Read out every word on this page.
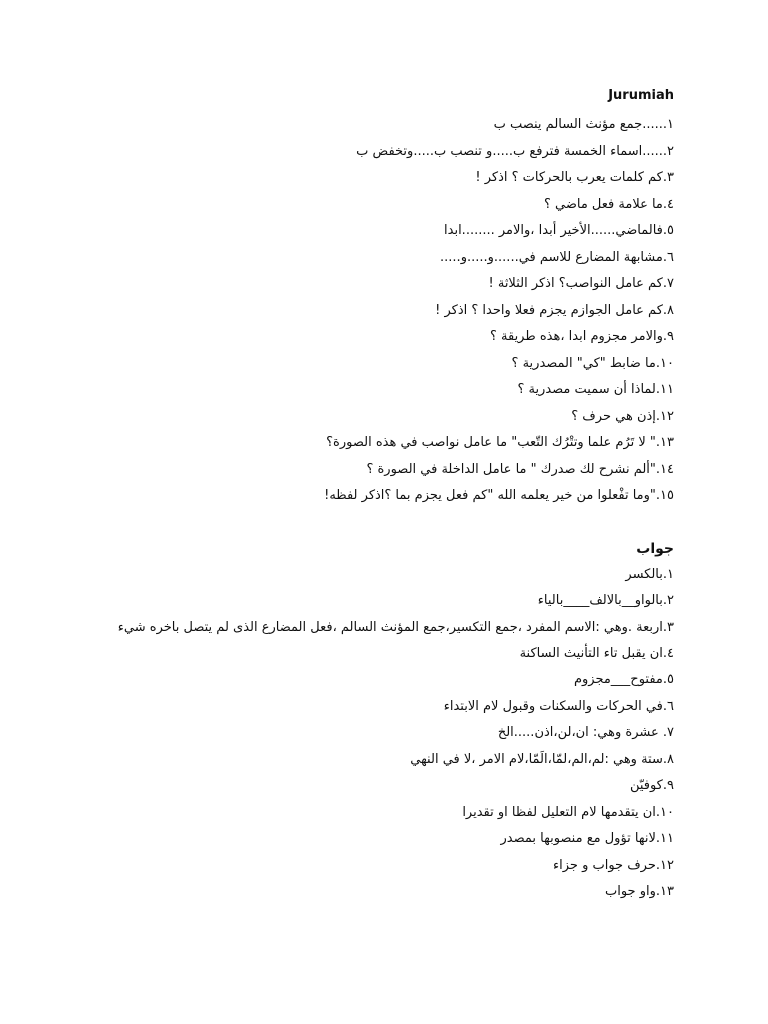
Jurumiah
١......جمع مؤنث السالم ينصب ب
٢......اسماء الخمسة فترفع ب.....و تنصب ب.....وتخفض ب
٣.كم كلمات يعرب بالحركات ؟ اذكر !
٤.ما علامة فعل ماضي ؟
٥.فالماضي......الأخير أبدا ،والامر ........ابدا
٦.مشابهة المضارع للاسم في......و.....و.....
٧.كم عامل النواصب؟ اذكر الثلاثة !
٨.كم عامل الجوازم يجزم فعلا واحدا ؟ اذكر !
٩.والامر مجزوم ابدا ،هذه طريقة ؟
١٠.ما ضابط "كي" المصدرية ؟
١١.لماذا أن سميت مصدرية ؟
١٢.إذن هي حرف ؟
١٣." لا تَرُم علما وتتْرُك التّعب" ما عامل نواصب في هذه الصورة؟
١٤."ألم نشرح لك صدرك " ما عامل الداخلة في الصورة ؟
١٥."وما تفْعلوا من خير يعلمه الله "كم فعل يجزم بما ؟اذكر لفظه!
جواب
١.بالكسر
٢.بالواو__بالالف____بالياء
٣.اربعة .وهي :الاسم المفرد ،جمع التكسير،جمع المؤنث السالم ،فعل المضارع الذى لم يتصل باخره شيء
٤.ان يقبل تاء التأنيث الساكنة
٥.مفتوح___مجزوم
٦.في الحركات والسكنات وقبول لام الابتداء
٧. عشرة وهي: ان،لن،اذن.....الخ
٨.ستة وهي :لم،الم،لمّا،الَمّا،لام الامر ،لا في النهي
٩.كوفيّن
١٠.ان يتقدمها لام التعليل لفظا او تقديرا
١١.لانها تؤول مع منصوبها بمصدر
١٢.حرف جواب و جزاء
١٣.واو جواب
